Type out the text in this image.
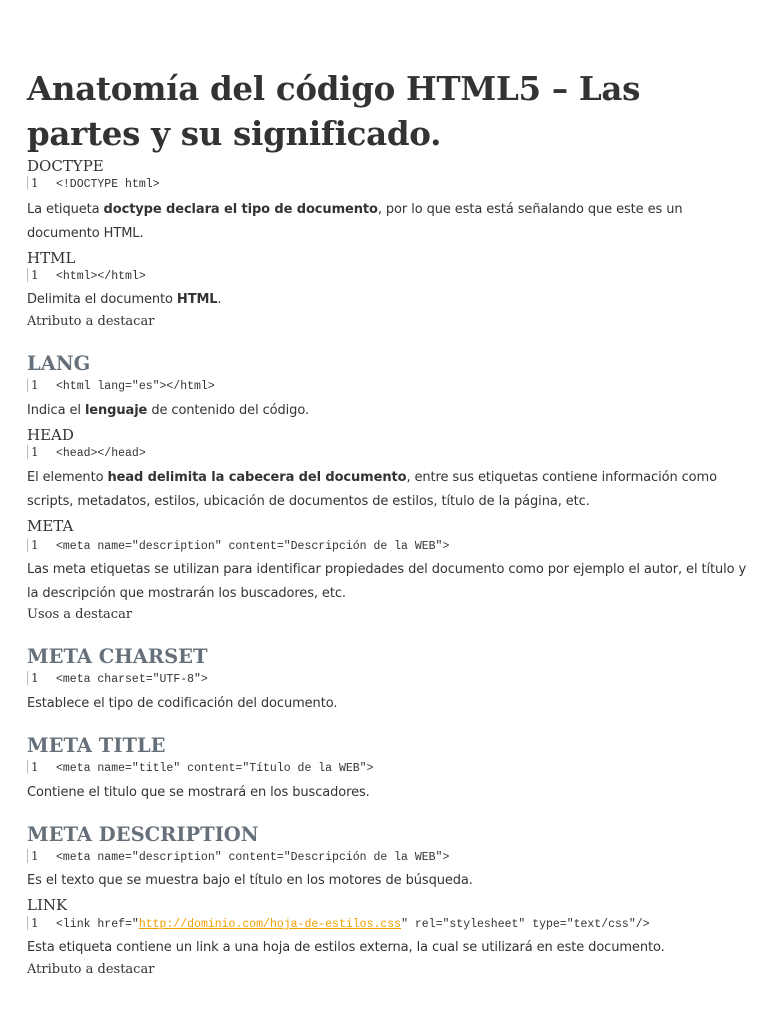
Anatomía del código HTML5 – Las partes y su significado.
DOCTYPE
1 <!DOCTYPE html>
La etiqueta doctype declara el tipo de documento, por lo que esta está señalando que este es un documento HTML.
HTML
1 <html></html>
Delimita el documento HTML.
Atributo a destacar
LANG
1 <html lang="es"></html>
Indica el lenguaje de contenido del código.
HEAD
1 <head></head>
El elemento head delimita la cabecera del documento, entre sus etiquetas contiene información como scripts, metadatos, estilos, ubicación de documentos de estilos, título de la página, etc.
META
1 <meta name="description" content="Descripción de la WEB">
Las meta etiquetas se utilizan para identificar propiedades del documento como por ejemplo el autor, el título y la descripción que mostrarán los buscadores, etc.
Usos a destacar
META CHARSET
1 <meta charset="UTF-8">
Establece el tipo de codificación del documento.
META TITLE
1 <meta name="title" content="Título de la WEB">
Contiene el titulo que se mostrará en los buscadores.
META DESCRIPTION
1 <meta name="description" content="Descripción de la WEB">
Es el texto que se muestra bajo el título en los motores de búsqueda.
LINK
1 <link href="http://dominio.com/hoja-de-estilos.css" rel="stylesheet" type="text/css"/>
Esta etiqueta contiene un link a una hoja de estilos externa, la cual se utilizará en este documento.
Atributo a destacar
